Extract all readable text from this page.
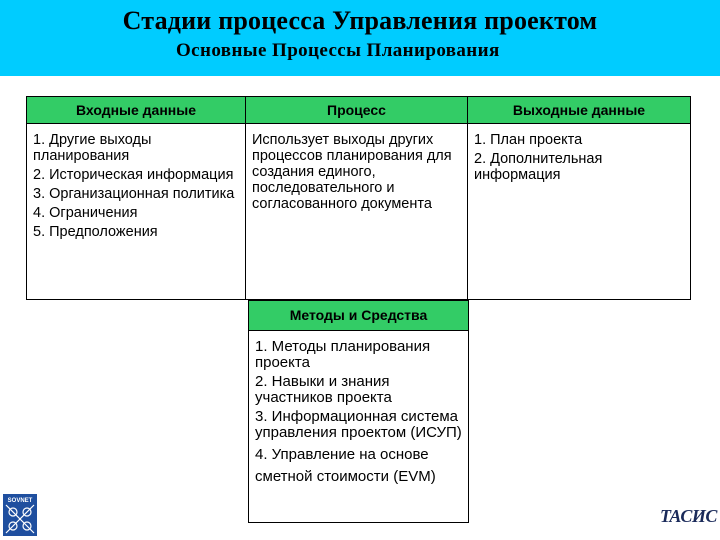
Стадии процесса Управления проектом
Основные Процессы Планирования
Входные данные	Процесс	Выходные данные
1. Другие выходы планирования
2. Историческая информация
3. Организационная политика
4. Ограничения
5. Предположения
Использует выходы других процессов планирования для создания единого, последовательного и согласованного документа
1. План проекта
2. Дополнительная информация
Методы и Средства
1. Методы планирования проекта
2. Навыки и знания участников проекта
3. Информационная система управления проектом (ИСУП)
4. Управление на основе сметной стоимости (EVM)
SOVNET
ТАСИС
